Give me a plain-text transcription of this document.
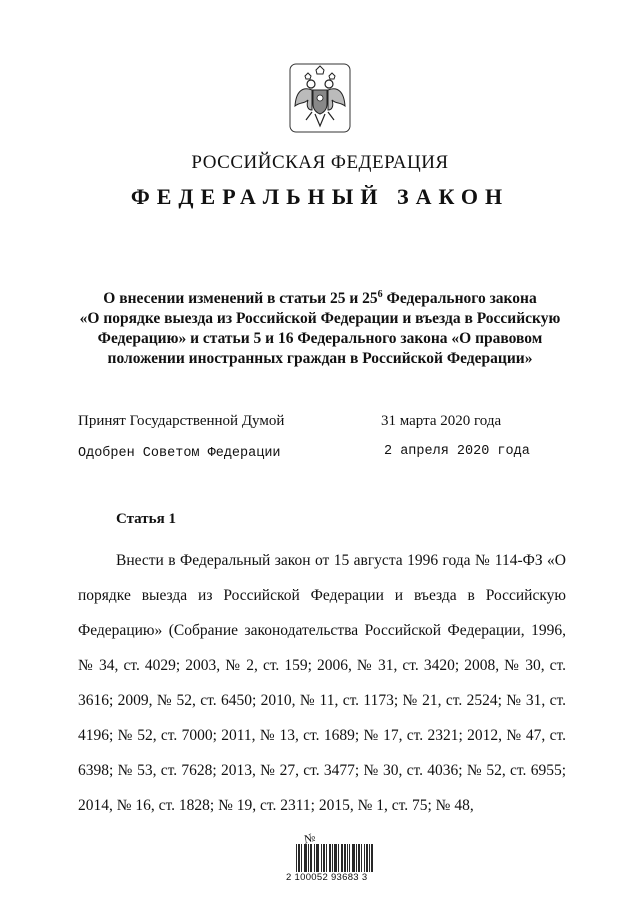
РОССИЙСКАЯ ФЕДЕРАЦИЯ
ФЕДЕРАЛЬНЫЙ ЗАКОН
О внесении изменений в статьи 25 и $25^6$ Федерального закона
«О порядке выезда из Российской Федерации и въезда в Российскую
Федерацию» и статьи 5 и 16 Федерального закона «О правовом
положении иностранных граждан в Российской Федерации»
Принят Государственной Думой	31 марта 2020 года
Одобрен Советом Федерации	2 апреля 2020 года
Статья 1
Внести в Федеральный закон от 15 августа 1996 года № 114-ФЗ «О порядке выезда из Российской Федерации и въезда в Российскую Федерацию» (Собрание законодательства Российской Федерации, 1996, № 34, ст. 4029; 2003, № 2, ст. 159; 2006, № 31, ст. 3420; 2008, № 30, ст. 3616; 2009, № 52, ст. 6450; 2010, № 11, ст. 1173; № 21, ст. 2524; № 31, ст. 4196; № 52, ст. 7000; 2011, № 13, ст. 1689; № 17, ст. 2321; 2012, № 47, ст. 6398; № 53, ст. 7628; 2013, № 27, ст. 3477; № 30, ст. 4036; № 52, ст. 6955; 2014, № 16, ст. 1828; № 19, ст. 2311; 2015, № 1, ст. 75; № 48,
№
2 100052 93683 3
